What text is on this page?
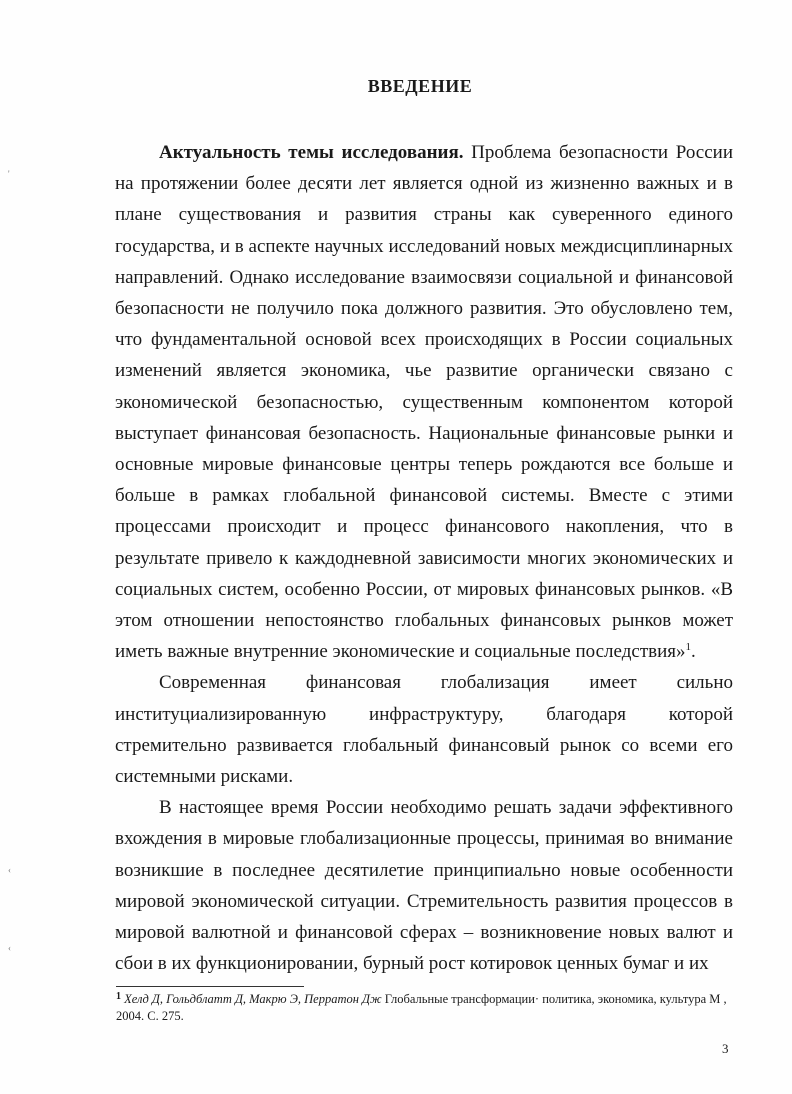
ВВЕДЕНИЕ

Актуальность темы исследования. Проблема безопасности России на протяжении более десяти лет является одной из жизненно важных и в плане существования и развития страны как суверенного единого государства, и в аспекте научных исследований новых междисциплинарных направлений. Однако исследование взаимосвязи социальной и финансовой безопасности не получило пока должного развития. Это обусловлено тем, что фундаментальной основой всех происходящих в России социальных изменений является экономика, чье развитие органически связано с экономической безопасностью, существенным компонентом которой выступает финансовая безопасность. Национальные финансовые рынки и основные мировые финансовые центры теперь рождаются все больше и больше в рамках глобальной финансовой системы. Вместе с этими процессами происходит и процесс финансового накопления, что в результате привело к каждодневной зависимости многих экономических и социальных систем, особенно России, от мировых финансовых рынков. «В этом отношении непостоянство глобальных финансовых рынков может иметь важные внутренние экономические и социальные последствия»$^1$.

Современная финансовая глобализация имеет сильно институциализированную инфраструктуру, благодаря которой стремительно развивается глобальный финансовый рынок со всеми его системными рисками.

В настоящее время России необходимо решать задачи эффективного вхождения в мировые глобализационные процессы, принимая во внимание возникшие в последнее десятилетие принципиально новые особенности мировой экономической ситуации. Стремительность развития процессов в мировой валютной и финансовой сферах – возникновение новых валют и сбои в их функционировании, бурный рост котировок ценных бумаг и их

$^1$ Хелд Д, Гольдблатт Д, Макрю Э, Перратон Дж Глобальные трансформации· политика, экономика, культура М , 2004. С. 275.
3
'
‹
‹
